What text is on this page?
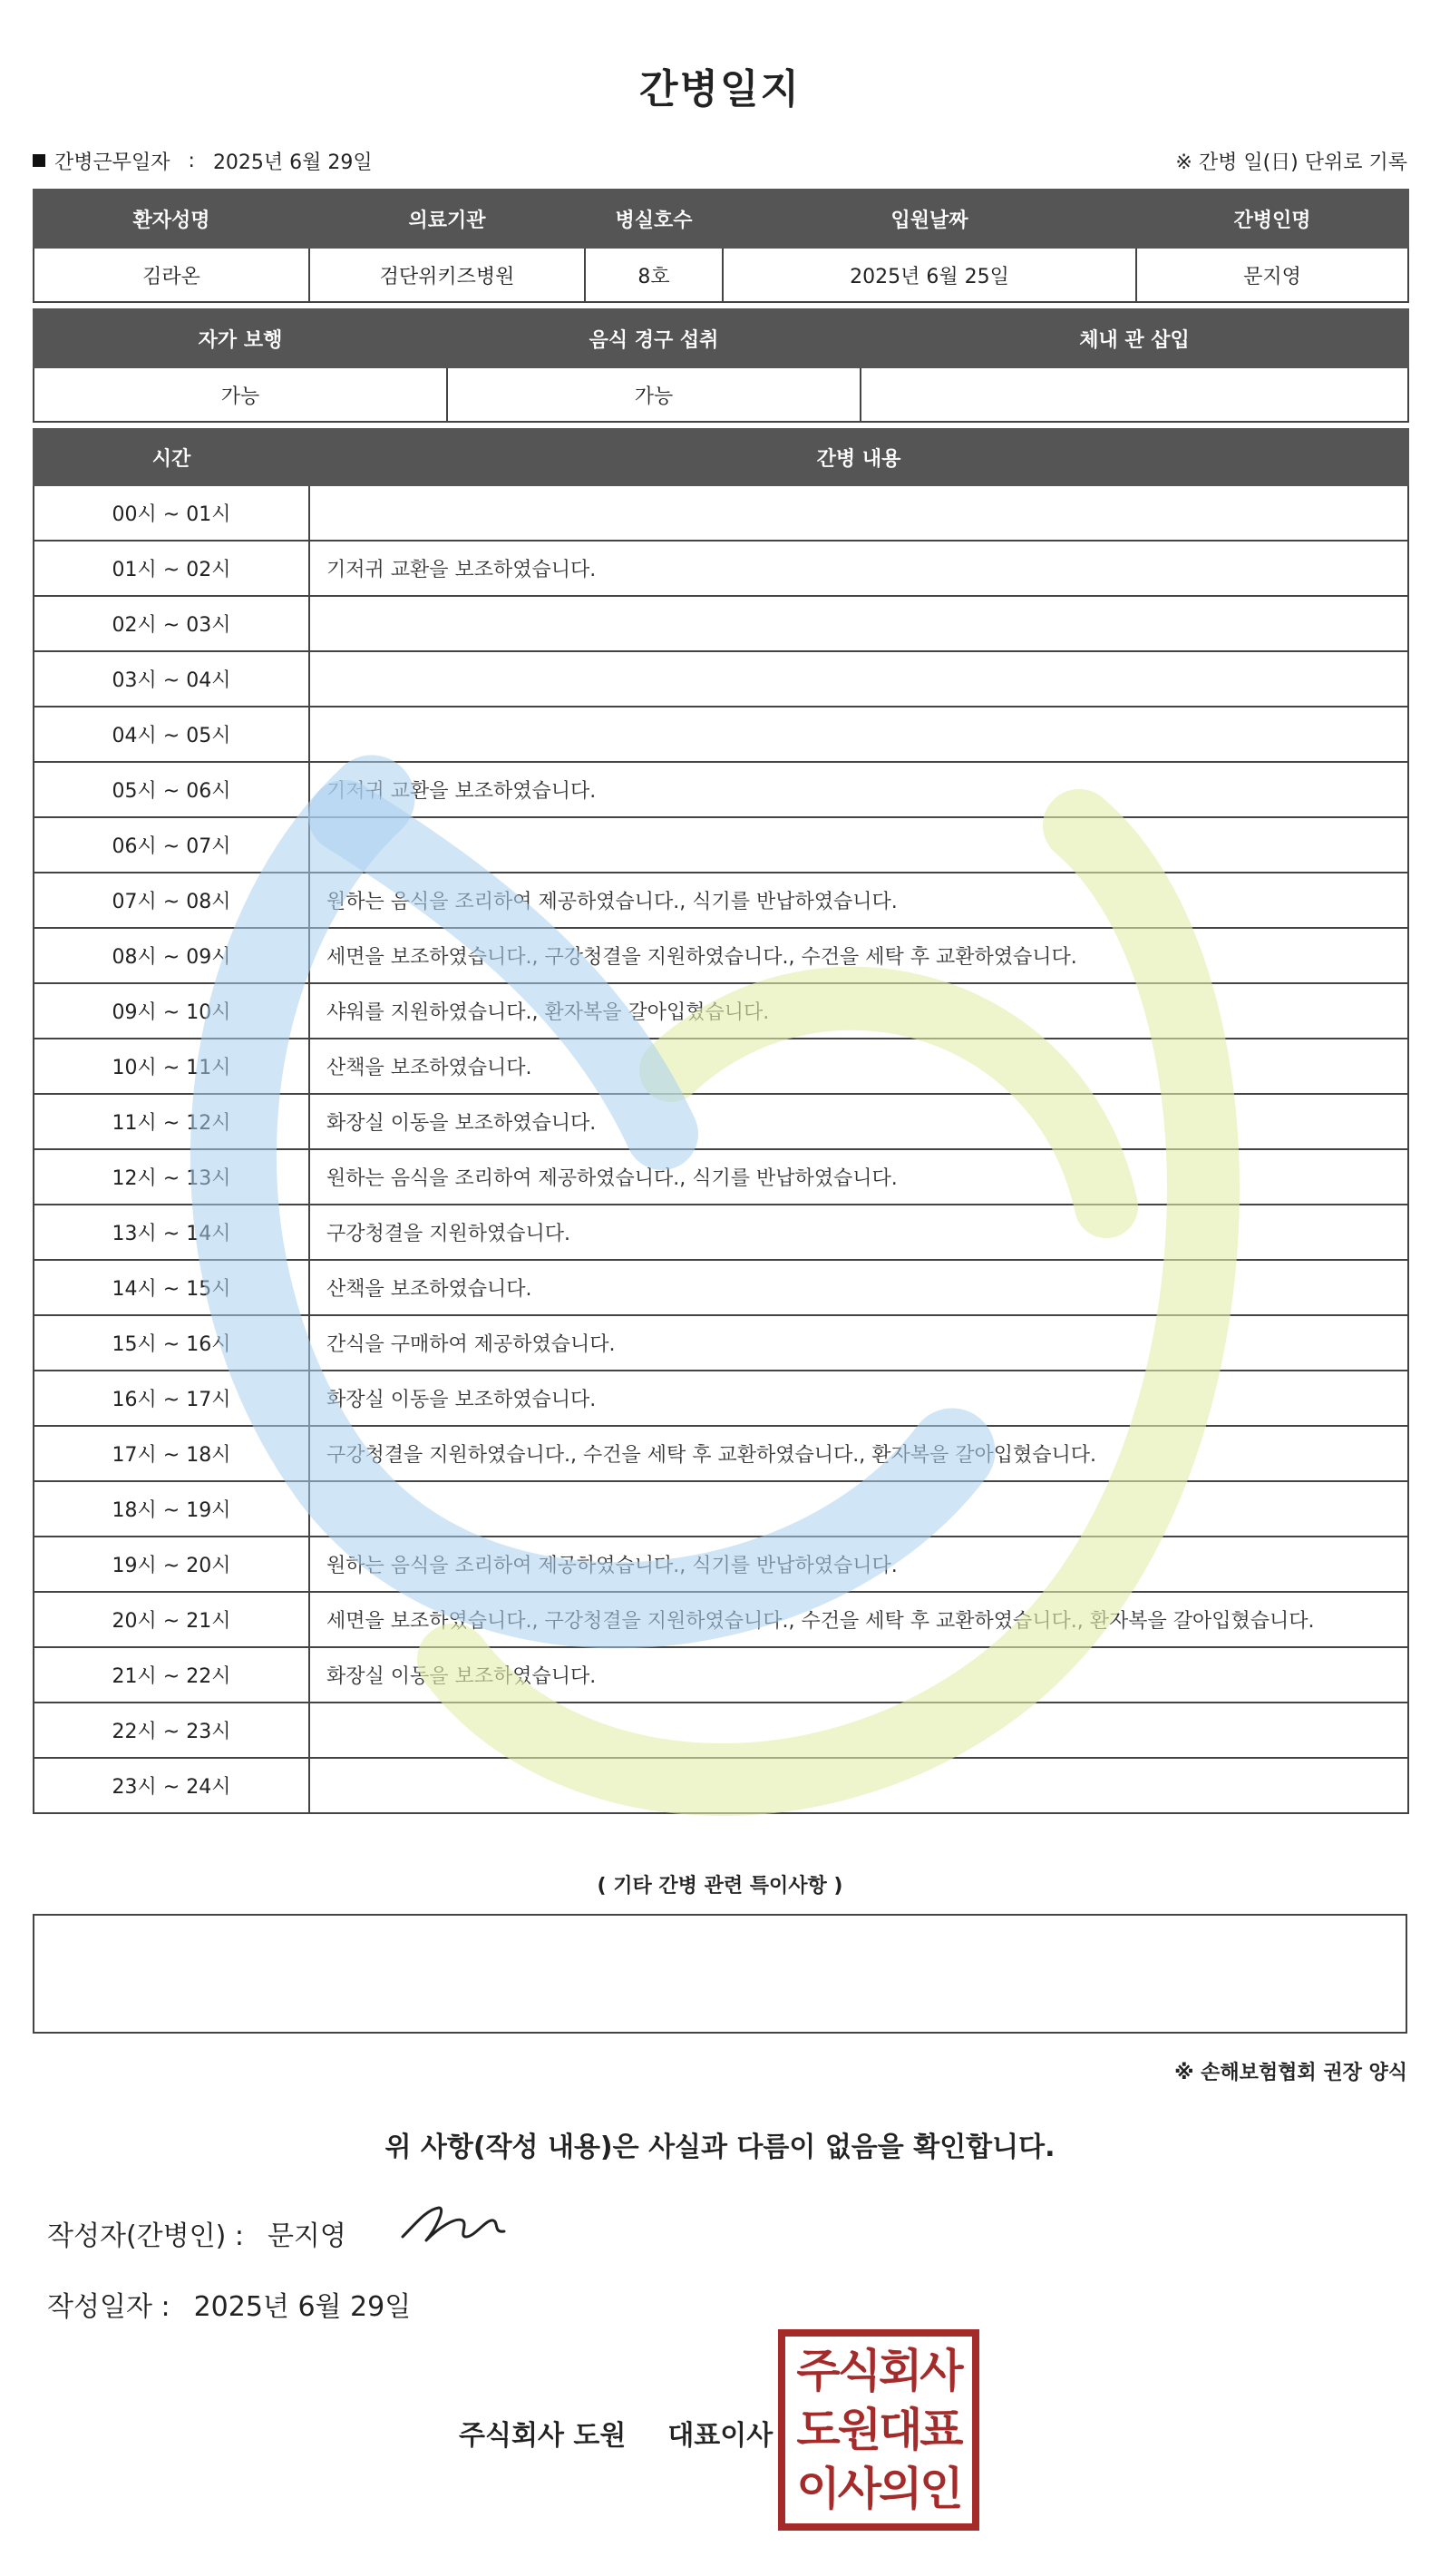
간병일지
간병근무일자 : 2025년 6월 29일	※ 간병 일(日) 단위로 기록
환자성명	의료기관	병실호수	입원날짜	간병인명
김라온	검단위키즈병원	8호	2025년 6월 25일	문지영
자가 보행	음식 경구 섭취	체내 관 삽입
가능	가능	
시간	간병 내용
00시 ~ 01시	
01시 ~ 02시	기저귀 교환을 보조하였습니다.
02시 ~ 03시	
03시 ~ 04시	
04시 ~ 05시	
05시 ~ 06시	기저귀 교환을 보조하였습니다.
06시 ~ 07시	
07시 ~ 08시	원하는 음식을 조리하여 제공하였습니다., 식기를 반납하였습니다.
08시 ~ 09시	세면을 보조하였습니다., 구강청결을 지원하였습니다., 수건을 세탁 후 교환하였습니다.
09시 ~ 10시	샤워를 지원하였습니다., 환자복을 갈아입혔습니다.
10시 ~ 11시	산책을 보조하였습니다.
11시 ~ 12시	화장실 이동을 보조하였습니다.
12시 ~ 13시	원하는 음식을 조리하여 제공하였습니다., 식기를 반납하였습니다.
13시 ~ 14시	구강청결을 지원하였습니다.
14시 ~ 15시	산책을 보조하였습니다.
15시 ~ 16시	간식을 구매하여 제공하였습니다.
16시 ~ 17시	화장실 이동을 보조하였습니다.
17시 ~ 18시	구강청결을 지원하였습니다., 수건을 세탁 후 교환하였습니다., 환자복을 갈아입혔습니다.
18시 ~ 19시	
19시 ~ 20시	원하는 음식을 조리하여 제공하였습니다., 식기를 반납하였습니다.
20시 ~ 21시	세면을 보조하였습니다., 구강청결을 지원하였습니다., 수건을 세탁 후 교환하였습니다., 환자복을 갈아입혔습니다.
21시 ~ 22시	화장실 이동을 보조하였습니다.
22시 ~ 23시	
23시 ~ 24시	
( 기타 간병 관련 특이사항 )
※ 손해보험협회 권장 양식
위 사항(작성 내용)은 사실과 다름이 없음을 확인합니다.
작성자(간병인) : 문지영
작성일자 : 2025년 6월 29일
주식회사 도원 대표이사
주식회사
도원대표
이사의인
